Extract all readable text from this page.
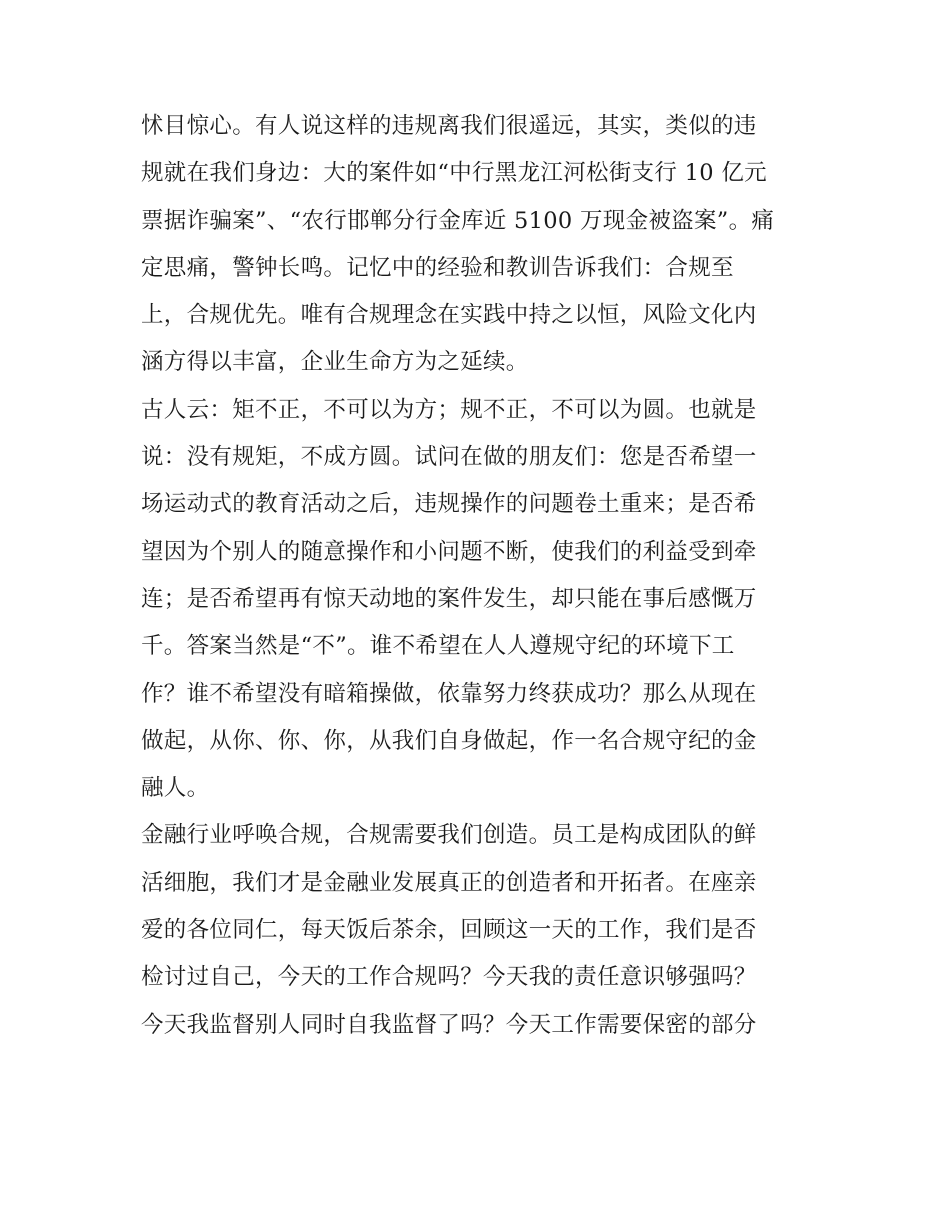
怵目惊心。有人说这样的违规离我们很遥远，其实，类似的违
规就在我们身边：大的案件如“中行黑龙江河松街支行 10 亿元
票据诈骗案”、“农行邯郸分行金库近 5100 万现金被盗案”。痛
定思痛，警钟长鸣。记忆中的经验和教训告诉我们：合规至
上，合规优先。唯有合规理念在实践中持之以恒，风险文化内
涵方得以丰富，企业生命方为之延续。
古人云：矩不正，不可以为方；规不正，不可以为圆。也就是
说：没有规矩，不成方圆。试问在做的朋友们：您是否希望一
场运动式的教育活动之后，违规操作的问题卷土重来；是否希
望因为个别人的随意操作和小问题不断，使我们的利益受到牵
连；是否希望再有惊天动地的案件发生，却只能在事后感慨万
千。答案当然是“不”。谁不希望在人人遵规守纪的环境下工
作？谁不希望没有暗箱操做，依靠努力终获成功？那么从现在
做起，从你、你、你，从我们自身做起，作一名合规守纪的金
融人。
金融行业呼唤合规，合规需要我们创造。员工是构成团队的鲜
活细胞，我们才是金融业发展真正的创造者和开拓者。在座亲
爱的各位同仁，每天饭后茶余，回顾这一天的工作，我们是否
检讨过自己，今天的工作合规吗？今天我的责任意识够强吗？
今天我监督别人同时自我监督了吗？今天工作需要保密的部分
